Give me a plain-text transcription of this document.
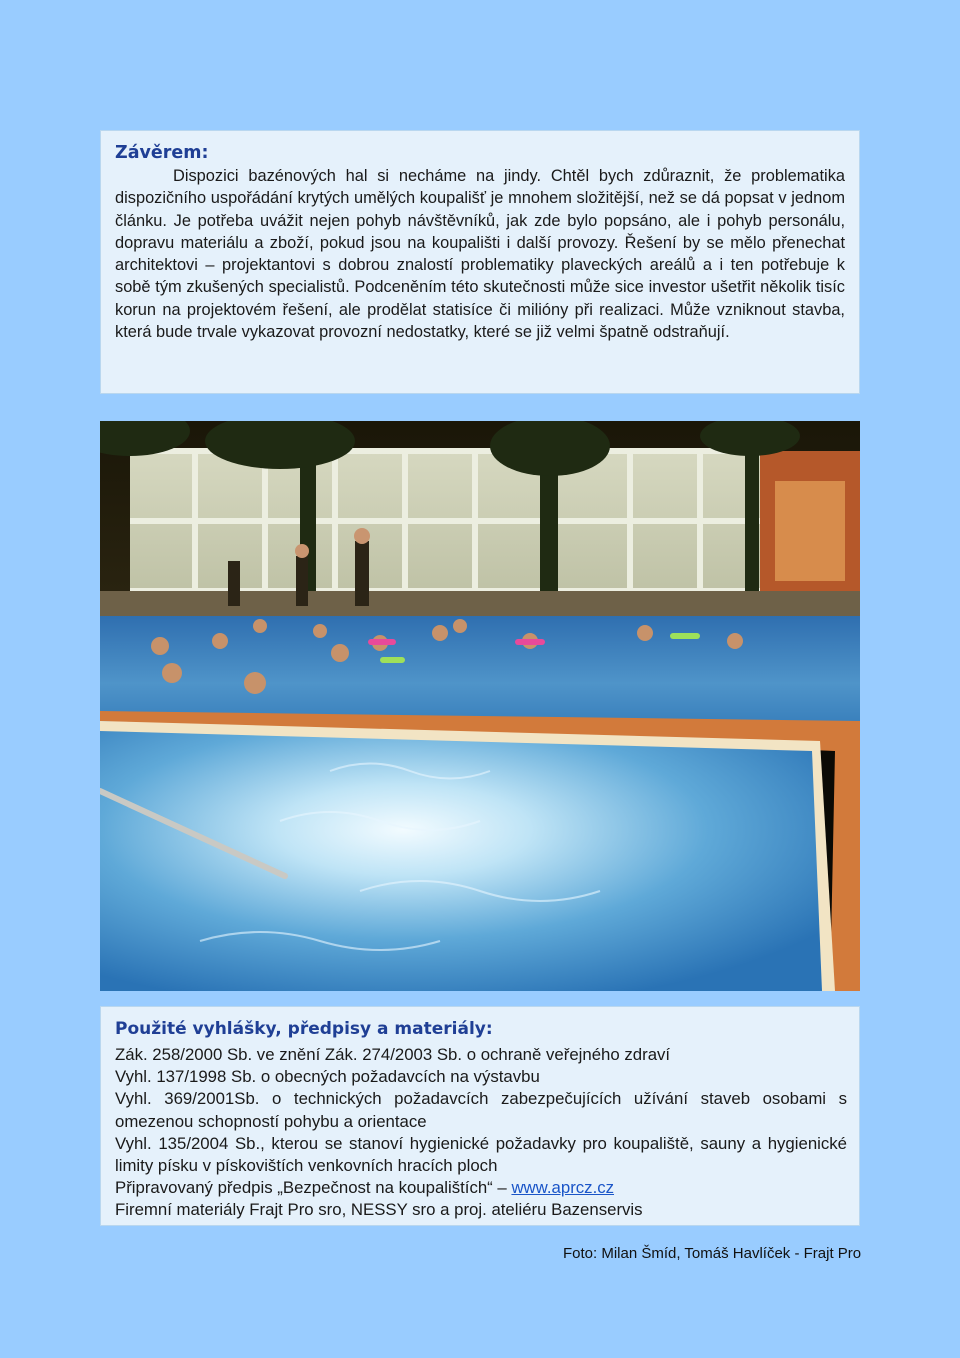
Závěrem:

Dispozici bazénových hal si necháme na jindy. Chtěl bych zdůraznit, že problematika dispozičního uspořádání krytých umělých koupališť je mnohem složitější, než se dá popsat v jednom článku. Je potřeba uvážit nejen pohyb návštěvníků, jak zde bylo popsáno, ale i pohyb personálu, dopravu materiálu a zboží, pokud jsou na koupališti i další provozy. Řešení by se mělo přenechat architektovi – projektantovi s dobrou znalostí problematiky plaveckých areálů a i ten potřebuje k sobě tým zkušených specialistů. Podceněním této skutečnosti může sice investor ušetřit několik tisíc korun na projektovém řešení, ale prodělat statisíce či milióny při realizaci. Může vzniknout stavba, která bude trvale vykazovat provozní nedostatky, které se již velmi špatně odstraňují.

Použité vyhlášky, předpisy a materiály:

Zák. 258/2000 Sb. ve znění Zák. 274/2003 Sb. o ochraně veřejného zdraví
Vyhl. 137/1998 Sb. o obecných požadavcích na výstavbu
Vyhl. 369/2001Sb. o technických požadavcích zabezpečujících užívání staveb osobami s omezenou schopností pohybu a orientace
Vyhl. 135/2004 Sb., kterou se stanoví hygienické požadavky pro koupaliště, sauny a hygienické limity písku v pískovištích venkovních hracích ploch
Připravovaný předpis „Bezpečnost na koupalištích“ – www.aprcz.cz
Firemní materiály Frajt Pro sro, NESSY sro a proj. ateliéru Bazenservis
Foto: Milan Šmíd, Tomáš Havlíček - Frajt Pro
